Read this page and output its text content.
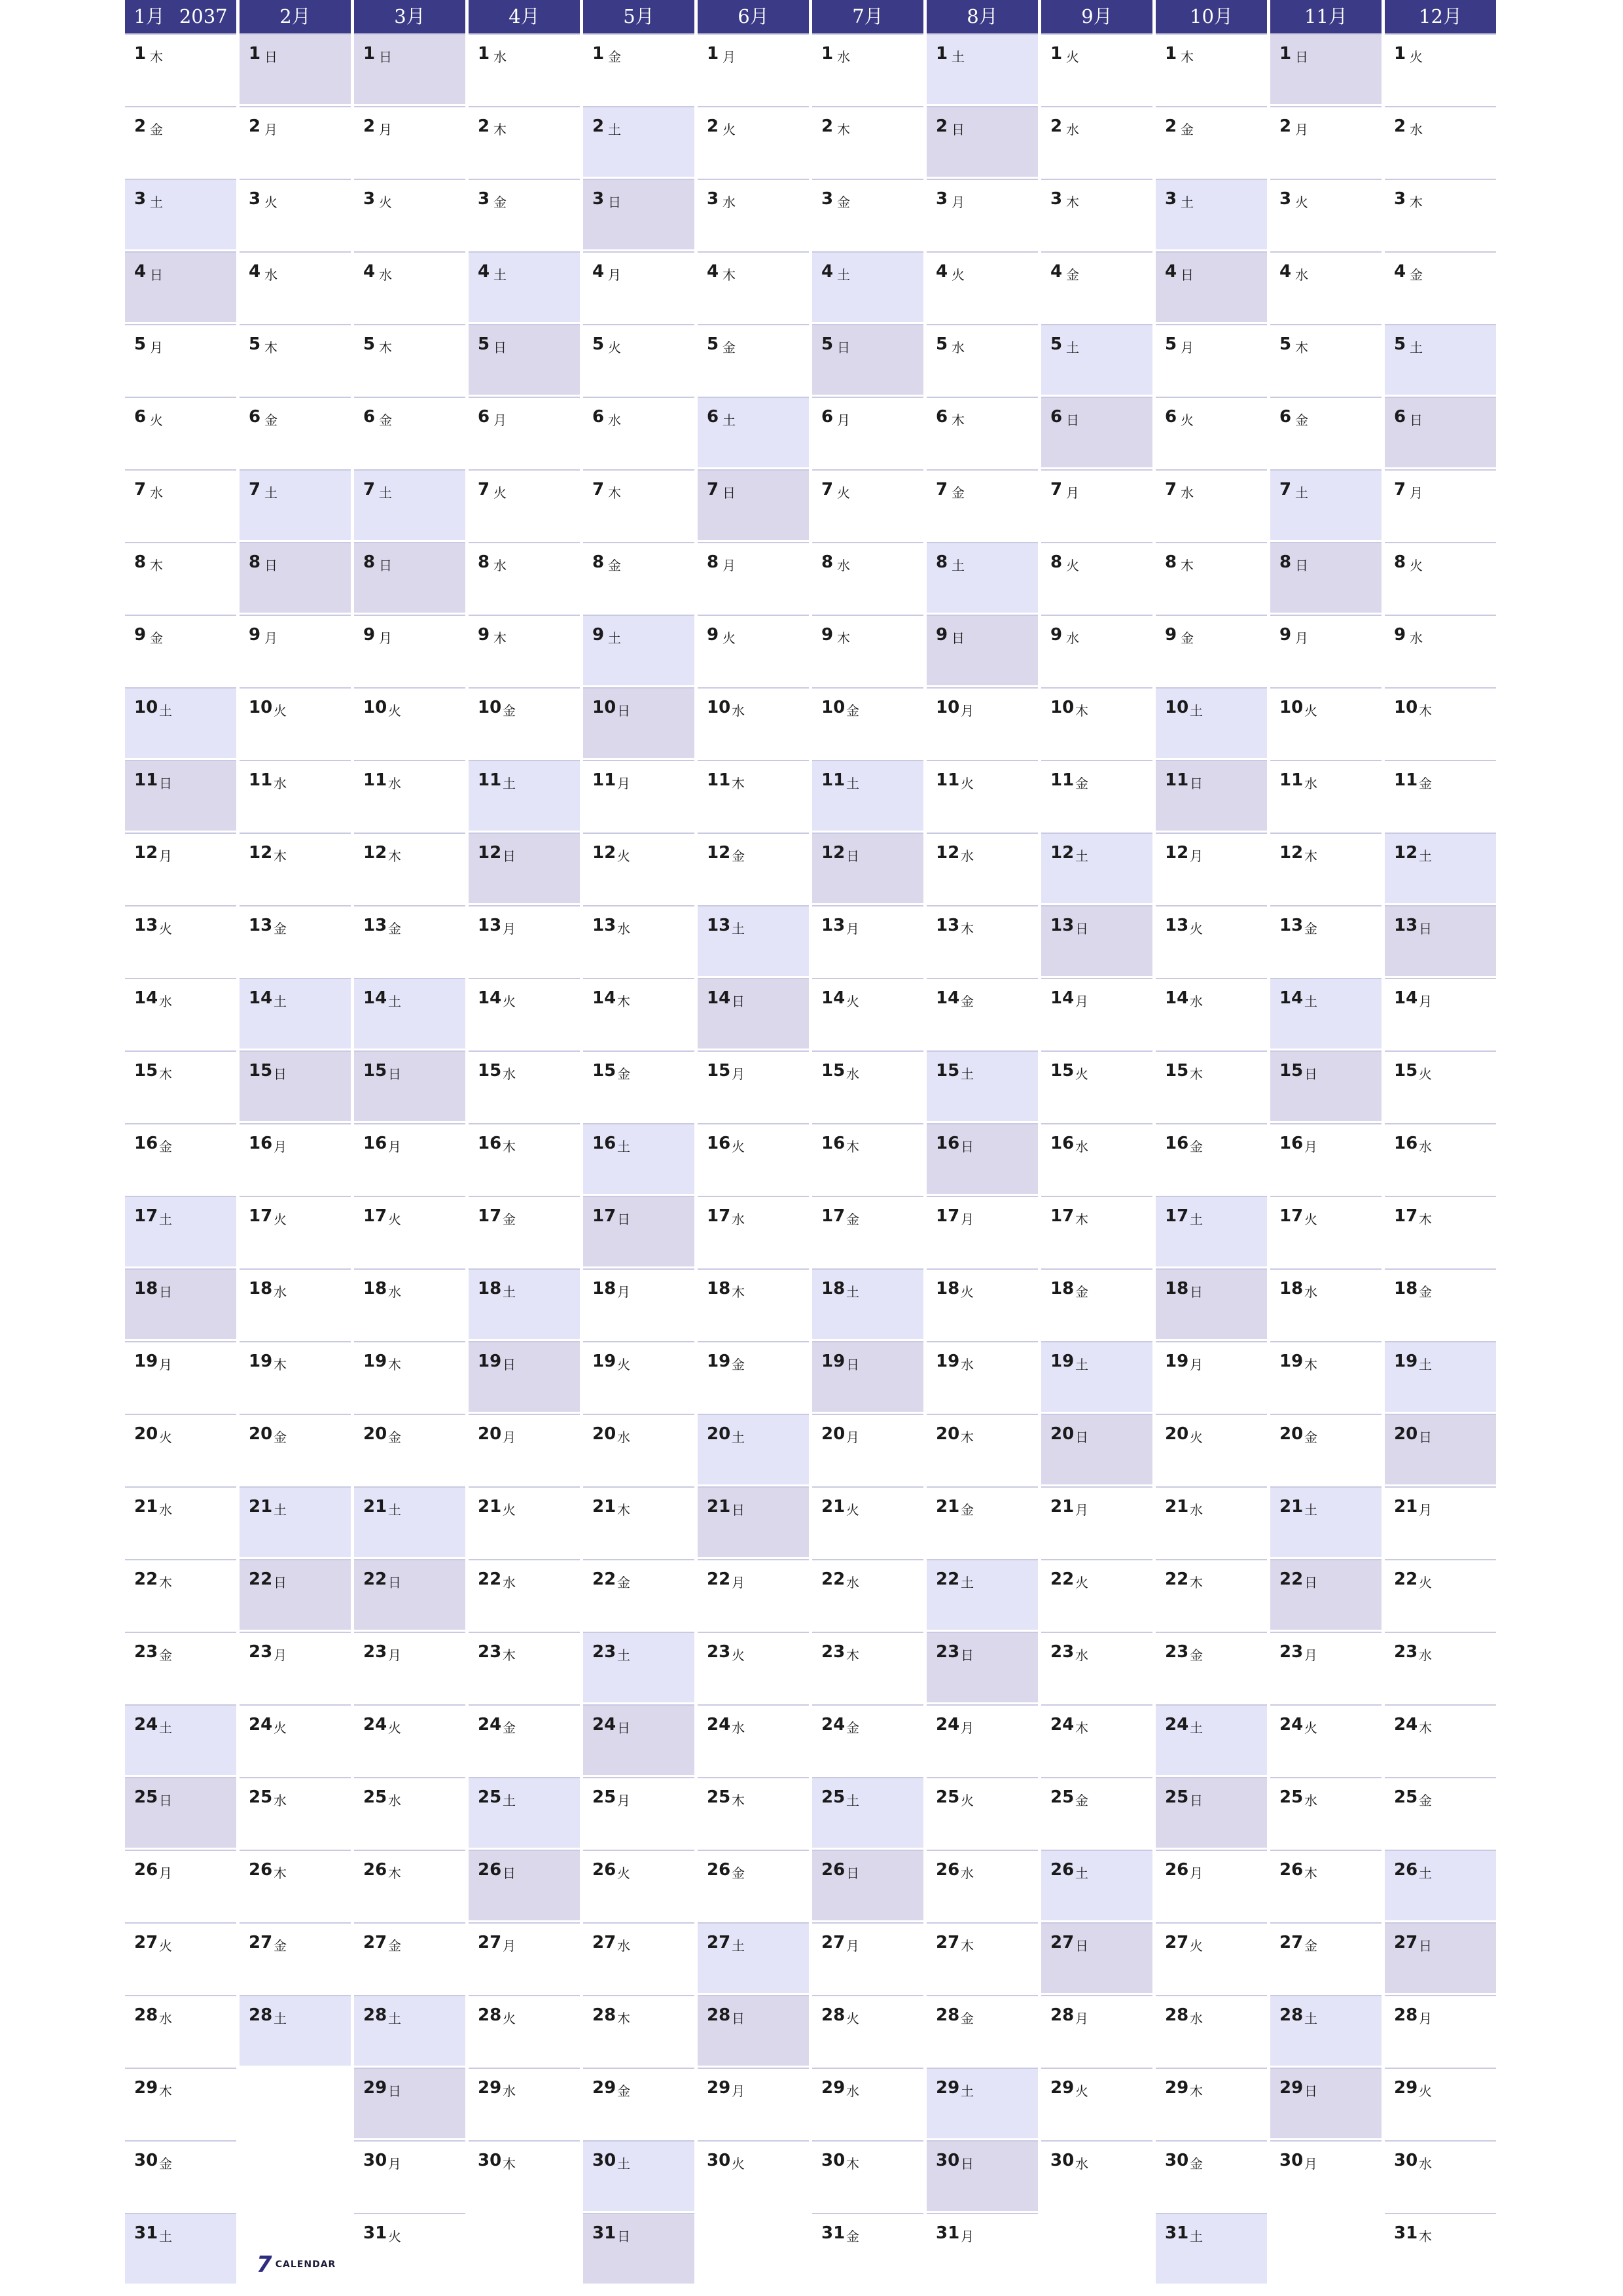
1月 2037
1 木
2 金
3 土
4 日
5 月
6 火
7 水
8 木
9 金
10 土
11 日
12 月
13 火
14 水
15 木
16 金
17 土
18 日
19 月
20 火
21 水
22 木
23 金
24 土
25 日
26 月
27 火
28 水
29 木
30 金
31 土
2月
1 日
2 月
3 火
4 水
5 木
6 金
7 土
8 日
9 月
10 火
11 水
12 木
13 金
14 土
15 日
16 月
17 火
18 水
19 木
20 金
21 土
22 日
23 月
24 火
25 水
26 木
27 金
28 土
3月
1 日
2 月
3 火
4 水
5 木
6 金
7 土
8 日
9 月
10 火
11 水
12 木
13 金
14 土
15 日
16 月
17 火
18 水
19 木
20 金
21 土
22 日
23 月
24 火
25 水
26 木
27 金
28 土
29 日
30 月
31 火
4月
1 水
2 木
3 金
4 土
5 日
6 月
7 火
8 水
9 木
10 金
11 土
12 日
13 月
14 火
15 水
16 木
17 金
18 土
19 日
20 月
21 火
22 水
23 木
24 金
25 土
26 日
27 月
28 火
29 水
30 木
5月
1 金
2 土
3 日
4 月
5 火
6 水
7 木
8 金
9 土
10 日
11 月
12 火
13 水
14 木
15 金
16 土
17 日
18 月
19 火
20 水
21 木
22 金
23 土
24 日
25 月
26 火
27 水
28 木
29 金
30 土
31 日
6月
1 月
2 火
3 水
4 木
5 金
6 土
7 日
8 月
9 火
10 水
11 木
12 金
13 土
14 日
15 月
16 火
17 水
18 木
19 金
20 土
21 日
22 月
23 火
24 水
25 木
26 金
27 土
28 日
29 月
30 火
7月
1 水
2 木
3 金
4 土
5 日
6 月
7 火
8 水
9 木
10 金
11 土
12 日
13 月
14 火
15 水
16 木
17 金
18 土
19 日
20 月
21 火
22 水
23 木
24 金
25 土
26 日
27 月
28 火
29 水
30 木
31 金
8月
1 土
2 日
3 月
4 火
5 水
6 木
7 金
8 土
9 日
10 月
11 火
12 水
13 木
14 金
15 土
16 日
17 月
18 火
19 水
20 木
21 金
22 土
23 日
24 月
25 火
26 水
27 木
28 金
29 土
30 日
31 月
9月
1 火
2 水
3 木
4 金
5 土
6 日
7 月
8 火
9 水
10 木
11 金
12 土
13 日
14 月
15 火
16 水
17 木
18 金
19 土
20 日
21 月
22 火
23 水
24 木
25 金
26 土
27 日
28 月
29 火
30 水
10月
1 木
2 金
3 土
4 日
5 月
6 火
7 水
8 木
9 金
10 土
11 日
12 月
13 火
14 水
15 木
16 金
17 土
18 日
19 月
20 火
21 水
22 木
23 金
24 土
25 日
26 月
27 火
28 水
29 木
30 金
31 土
11月
1 日
2 月
3 火
4 水
5 木
6 金
7 土
8 日
9 月
10 火
11 水
12 木
13 金
14 土
15 日
16 月
17 火
18 水
19 木
20 金
21 土
22 日
23 月
24 火
25 水
26 木
27 金
28 土
29 日
30 月
12月
1 火
2 水
3 木
4 金
5 土
6 日
7 月
8 火
9 水
10 木
11 金
12 土
13 日
14 月
15 火
16 水
17 木
18 金
19 土
20 日
21 月
22 火
23 水
24 木
25 金
26 土
27 日
28 月
29 火
30 水
31 木
7 CALENDAR
